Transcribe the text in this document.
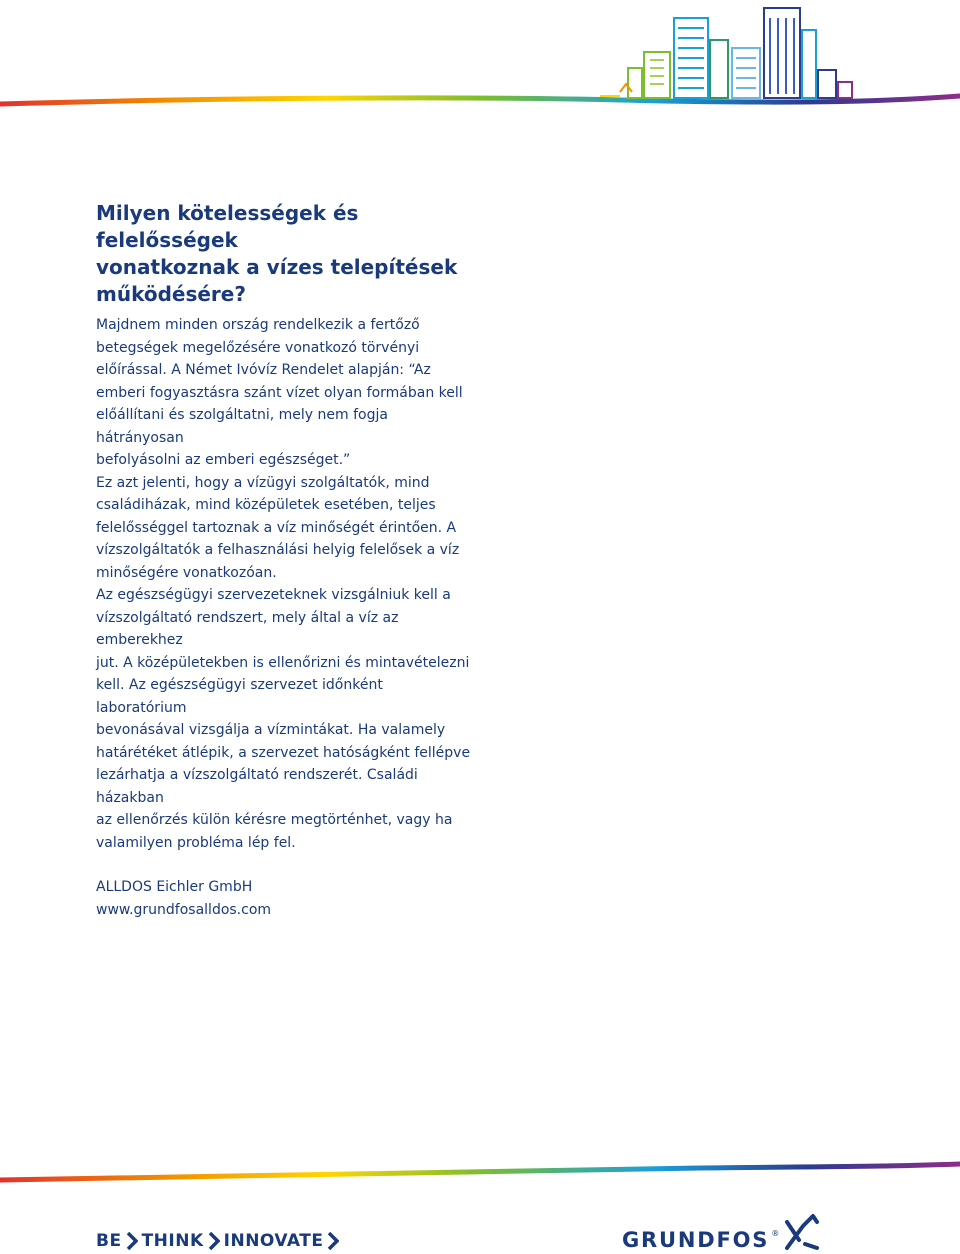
Milyen kötelességek és felelősségek
vonatkoznak a vízes telepítések
működésére?

Majdnem minden ország rendelkezik a fertőző
betegségek megelőzésére vonatkozó törvényi
előírással. A Német Ivóvíz Rendelet alapján: “Az
emberi fogyasztásra szánt vízet olyan formában kell
előállítani és szolgáltatni, mely nem fogja hátrányosan
befolyásolni az emberi egészséget.”

Ez azt jelenti, hogy a vízügyi szolgáltatók, mind
családiházak, mind középületek esetében, teljes
felelősséggel tartoznak a víz minőségét érintően. A
vízszolgáltatók a felhasználási helyig felelősek a víz
minőségére vonatkozóan.

Az egészségügyi szervezeteknek vizsgálniuk kell a
vízszolgáltató rendszert, mely által a víz az emberekhez
jut. A középületekben is ellenőrizni és mintavételezni
kell. Az egészségügyi szervezet időnként laboratórium
bevonásával vizsgálja a vízmintákat. Ha valamely
határétéket átlépik, a szervezet hatóságként fellépve
lezárhatja a vízszolgáltató rendszerét. Családi házakban
az ellenőrzés külön kérésre megtörténhet, vagy ha
valamilyen probléma lép fel.

ALLDOS Eichler GmbH
www.grundfosalldos.com
BE THINK INNOVATE	GRUNDFOS ®
